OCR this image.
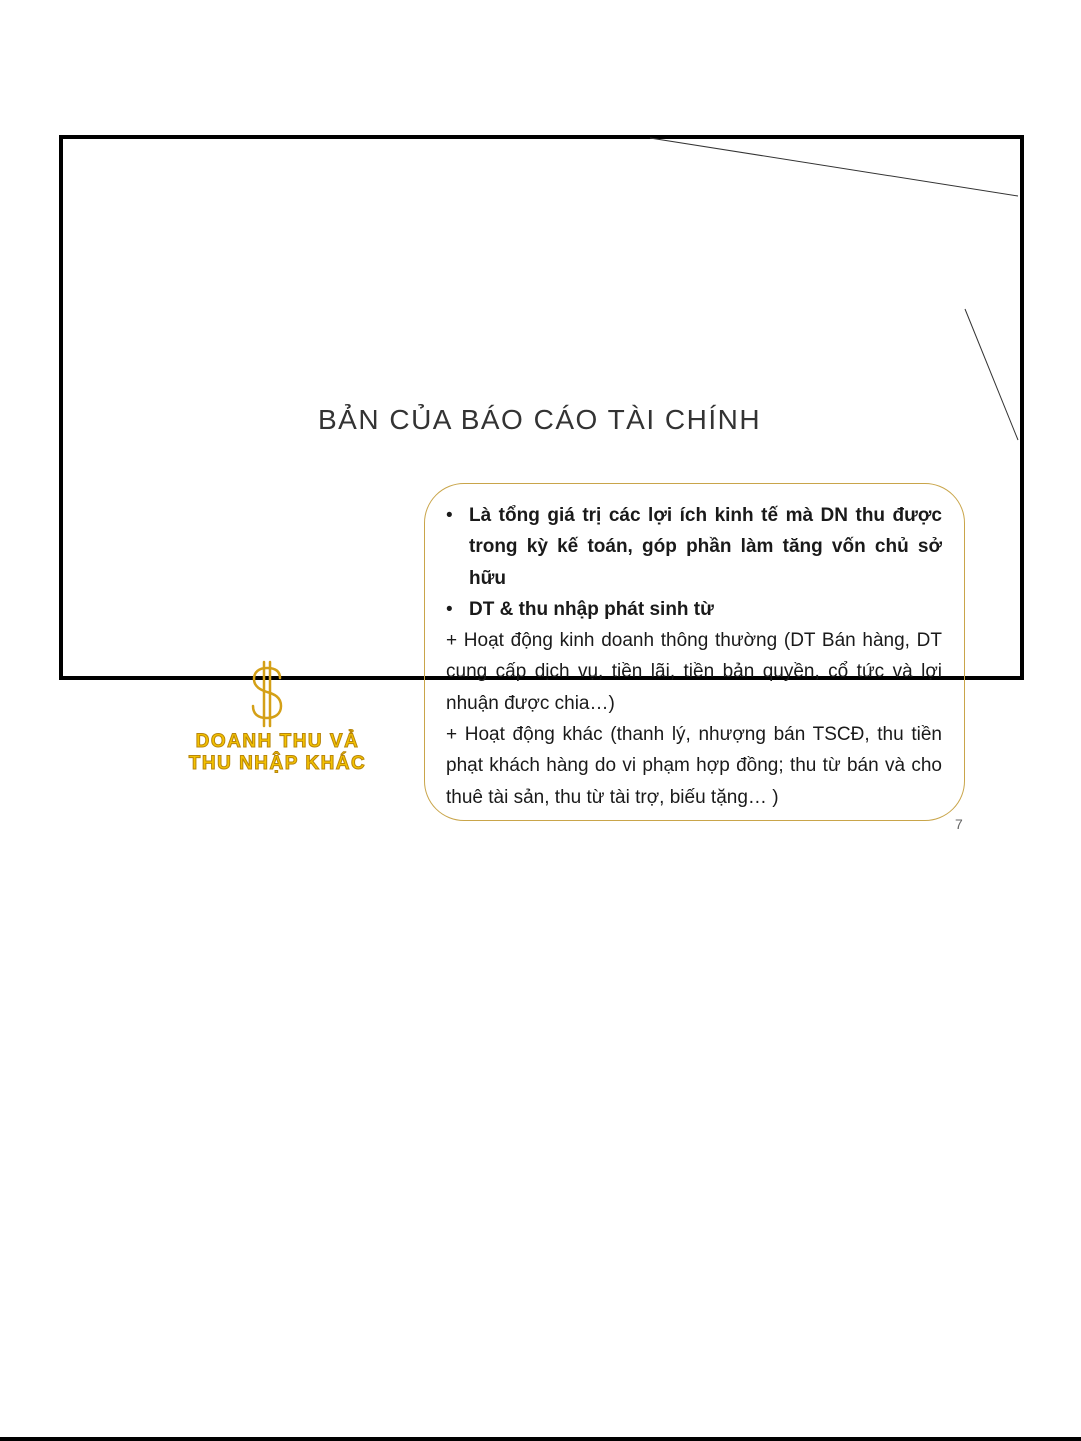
BẢN CỦA BÁO CÁO TÀI CHÍNH
• Là tổng giá trị các lợi ích kinh tế mà DN thu được trong kỳ kế toán, góp phần làm tăng vốn chủ sở hữu
• DT & thu nhập phát sinh từ
+ Hoạt động kinh doanh thông thường (DT Bán hàng, DT cung cấp dịch vụ, tiền lãi, tiền bản quyền, cổ tức và lợi nhuận được chia…)
+ Hoạt động khác (thanh lý, nhượng bán TSCĐ, thu tiền phạt khách hàng do vi phạm hợp đồng; thu từ bán và cho thuê tài sản, thu từ tài trợ, biếu tặng… )
DOANH THU VẢ
THU NHẬP KHÁC
7
